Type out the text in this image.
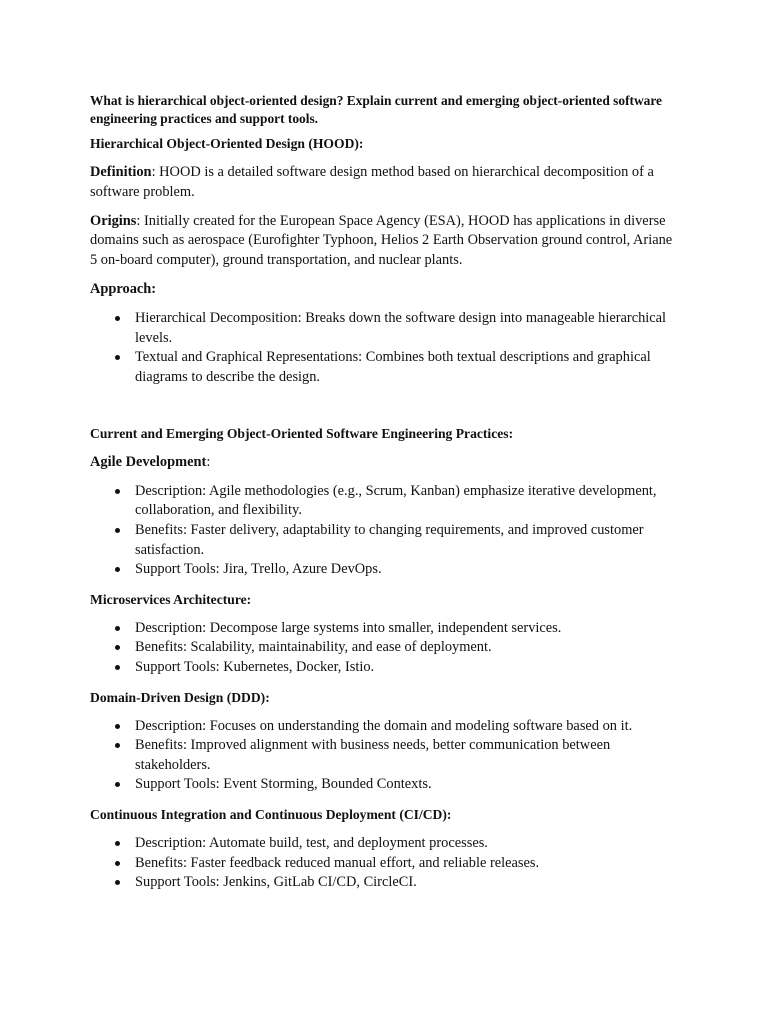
What is hierarchical object-oriented design? Explain current and emerging object-oriented software engineering practices and support tools.

Hierarchical Object-Oriented Design (HOOD):

Definition: HOOD is a detailed software design method based on hierarchical decomposition of a software problem.

Origins: Initially created for the European Space Agency (ESA), HOOD has applications in diverse domains such as aerospace (Eurofighter Typhoon, Helios 2 Earth Observation ground control, Ariane 5 on-board computer), ground transportation, and nuclear plants.

Approach:

Hierarchical Decomposition: Breaks down the software design into manageable hierarchical levels.
Textual and Graphical Representations: Combines both textual descriptions and graphical diagrams to describe the design.

Current and Emerging Object-Oriented Software Engineering Practices:

Agile Development:

Description: Agile methodologies (e.g., Scrum, Kanban) emphasize iterative development, collaboration, and flexibility.
Benefits: Faster delivery, adaptability to changing requirements, and improved customer satisfaction.
Support Tools: Jira, Trello, Azure DevOps.

Microservices Architecture:

Description: Decompose large systems into smaller, independent services.
Benefits: Scalability, maintainability, and ease of deployment.
Support Tools: Kubernetes, Docker, Istio.

Domain-Driven Design (DDD):

Description: Focuses on understanding the domain and modeling software based on it.
Benefits: Improved alignment with business needs, better communication between stakeholders.
Support Tools: Event Storming, Bounded Contexts.

Continuous Integration and Continuous Deployment (CI/CD):

Description: Automate build, test, and deployment processes.
Benefits: Faster feedback reduced manual effort, and reliable releases.
Support Tools: Jenkins, GitLab CI/CD, CircleCI.
